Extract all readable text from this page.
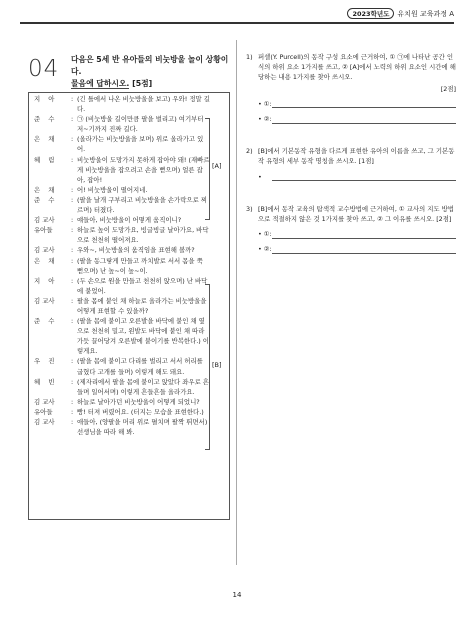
2023학년도	유치원 교육과정 A
04 다음은 5세 반 유아들의 비눗방울 놀이 상황이다.
물음에 답하시오. [5점]
지    아	: (긴 틀에서 나온 비눗방울을 보고) 우와! 정말 길다.
준    수	: ㉠ (비눗방울 길이만큼 팔을 벌리고) 여기부터 저∼기까지 진짜 길다.
은    채	: (올라가는 비눗방울을 보며) 위로 올라가고 있어.
혜    림	: 비눗방울이 도망가지 못하게 잡아야 돼! (재빠르게 비눗방울을 잡으려고 손을 뻗으며) 얼른 잡아, 잡아!
은    채	: 어! 비눗방울이 떨어지네.
준    수	: (팔을 날개 구부리고 비눗방울을 손가락으로 찌르며) 터졌다.
김 교사	: 얘들아, 비눗방울이 어떻게 움직이니?
유아들	: 하늘로 높이 도망가요, 빙글빙글 날아가요, 바닥으로 천천히 떨어져요.
김 교사	: 우와∼, 비눗방울의 움직임을 표현해 볼까?
은    채	: (팔을 동그랗게 만들고 까치발로 서서 몸을 쭉 뻗으며) 난 높∼이 높∼이.
지    아	: (두 손으로 원을 만들고 천천히 앉으며) 난 바닥에 붙었어.
김 교사	: 팔을 몸에 붙인 채 하늘로 올라가는 비눗방울을 어떻게 표현할 수 있을까?
준    수	: (팔을 몸에 붙이고 오른발을 바닥에 붙인 채 옆으로 천천히 밀고, 왼발도 바닥에 붙인 채 따라가듯 끌어당겨 오른발에 붙이기를 반복한다.) 이렇게요.
우    진	: (팔을 몸에 붙이고 다리를 벌리고 서서 허리를 굽혔다 고개를 들며) 이렇게 해도 돼요.
혜    빈	: (제자리에서 팔을 몸에 붙이고 앉았다 좌우로 흔들며 일어서며) 이렇게 흔들흔들 올라가요.
김 교사	: 하늘로 날아가던 비눗방울이 어떻게 되었니?
유아들	: 빵! 터져 버렸어요. (터지는 모습을 표현한다.)
김 교사	: 애들아, (양팔을 머리 위로 펼치며 팔짝 뛰면서) 선생님을 따라 해 봐.
[A]
[B]
1) 퍼셀(Y. Purcell)의 동작 구성 요소에 근거하여, ① ㉠에 나타난 공간 인식의 하위 요소 1가지를 쓰고, ② [A]에서 노력의 하위 요소인 시간에 해당하는 내용 1가지를 찾아 쓰시오.
[2점]
• ①:
• ②:
2) [B]에서 기본동작 유형을 다르게 표현한 유아의 이름을 쓰고, 그 기본동작 유형의 세부 동작 명칭을 쓰시오. [1점]
•
3) [B]에서 동작 교육의 탐색적 교수방법에 근거하여, ① 교사의 지도 방법으로 적절하지 않은 것 1가지를 찾아 쓰고, ② 그 이유를 쓰시오. [2점]
• ①:
• ②:
14
